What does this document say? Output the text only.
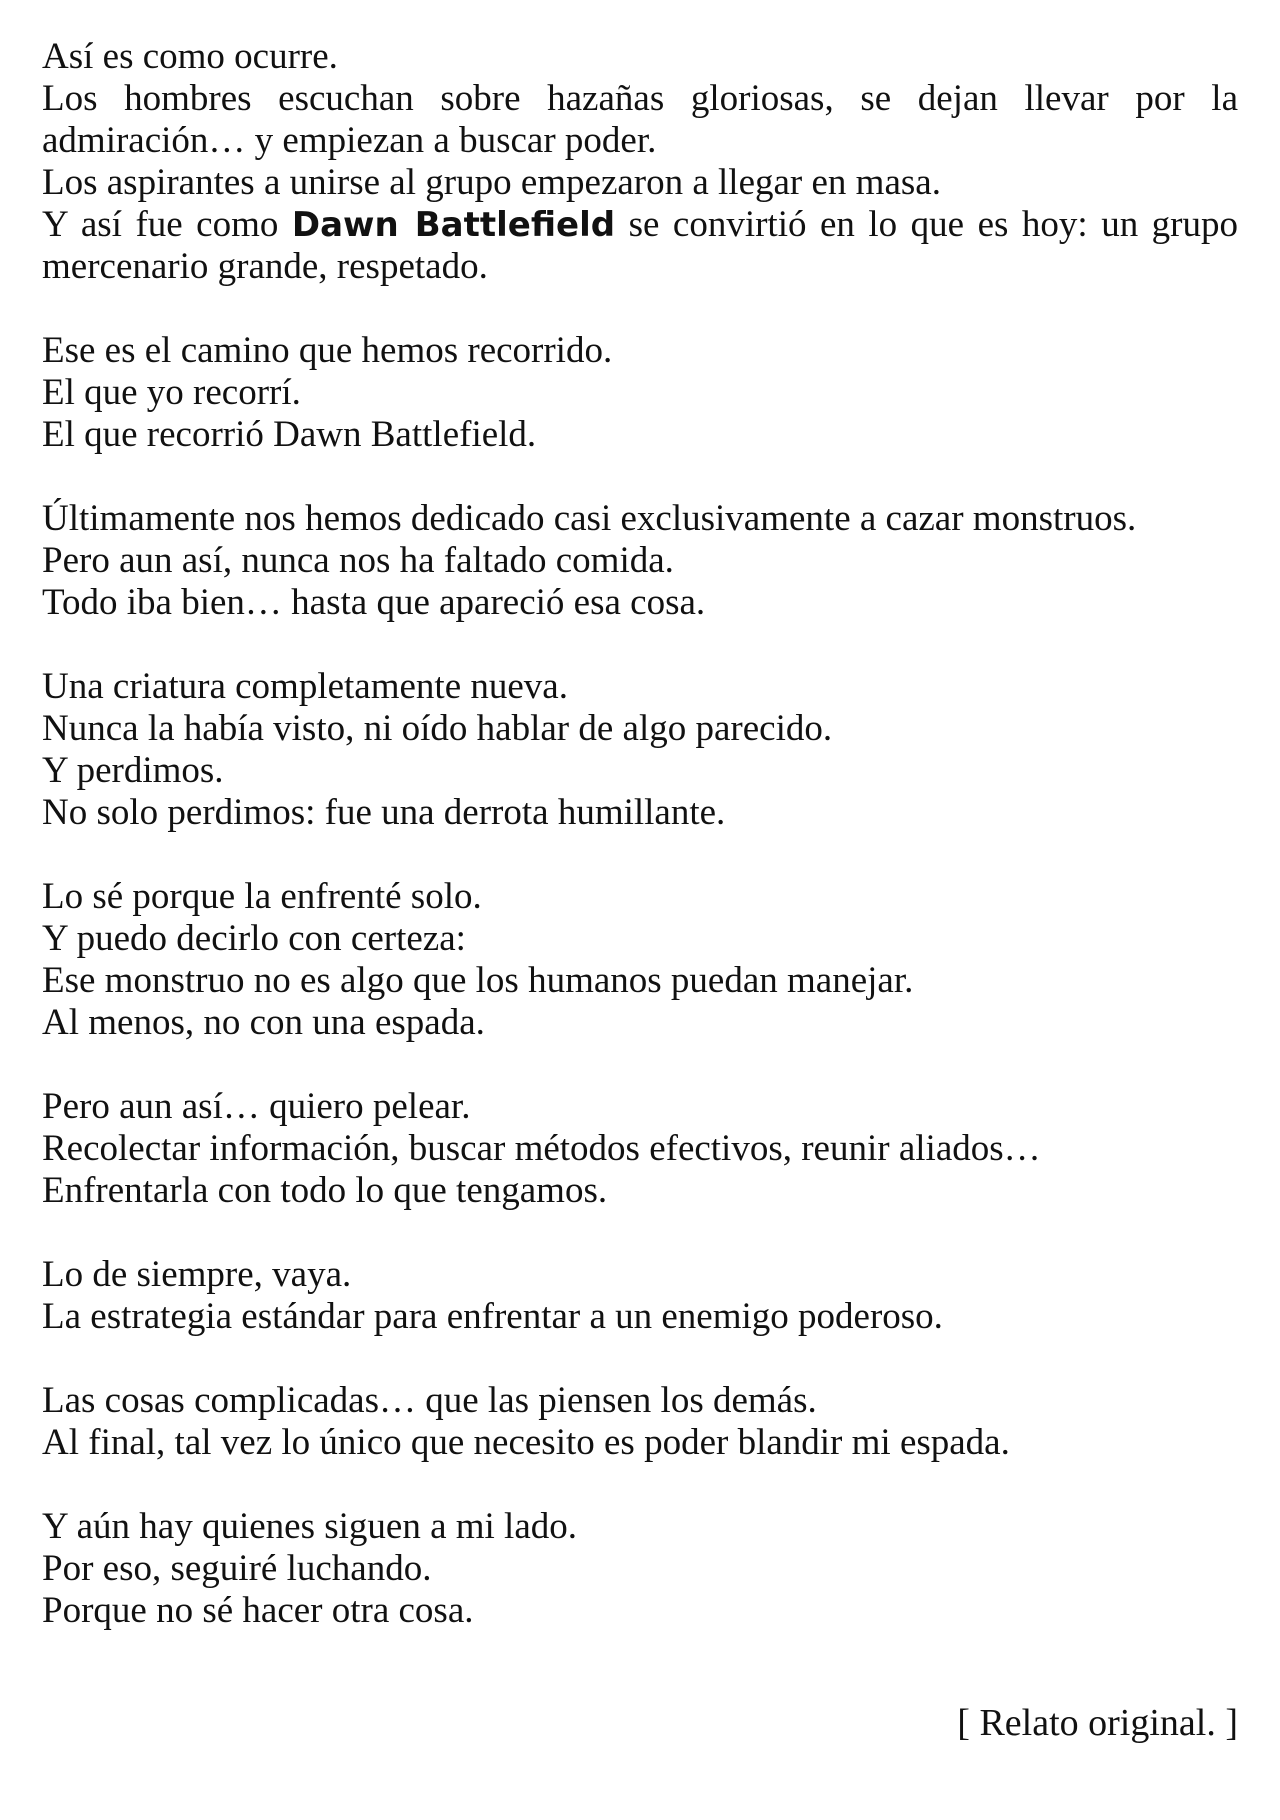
Así es como ocurre.
Los hombres escuchan sobre hazañas gloriosas, se dejan llevar por la admiración… y empiezan a buscar poder.
Los aspirantes a unirse al grupo empezaron a llegar en masa.
Y así fue como Dawn Battlefield se convirtió en lo que es hoy: un grupo mercenario grande, respetado.
Ese es el camino que hemos recorrido.
El que yo recorrí.
El que recorrió Dawn Battlefield.
Últimamente nos hemos dedicado casi exclusivamente a cazar monstruos.
Pero aun así, nunca nos ha faltado comida.
Todo iba bien… hasta que apareció esa cosa.
Una criatura completamente nueva.
Nunca la había visto, ni oído hablar de algo parecido.
Y perdimos.
No solo perdimos: fue una derrota humillante.
Lo sé porque la enfrenté solo.
Y puedo decirlo con certeza:
Ese monstruo no es algo que los humanos puedan manejar.
Al menos, no con una espada.
Pero aun así… quiero pelear.
Recolectar información, buscar métodos efectivos, reunir aliados…
Enfrentarla con todo lo que tengamos.
Lo de siempre, vaya.
La estrategia estándar para enfrentar a un enemigo poderoso.
Las cosas complicadas… que las piensen los demás.
Al final, tal vez lo único que necesito es poder blandir mi espada.
Y aún hay quienes siguen a mi lado.
Por eso, seguiré luchando.
Porque no sé hacer otra cosa.
[ Relato original. ]
